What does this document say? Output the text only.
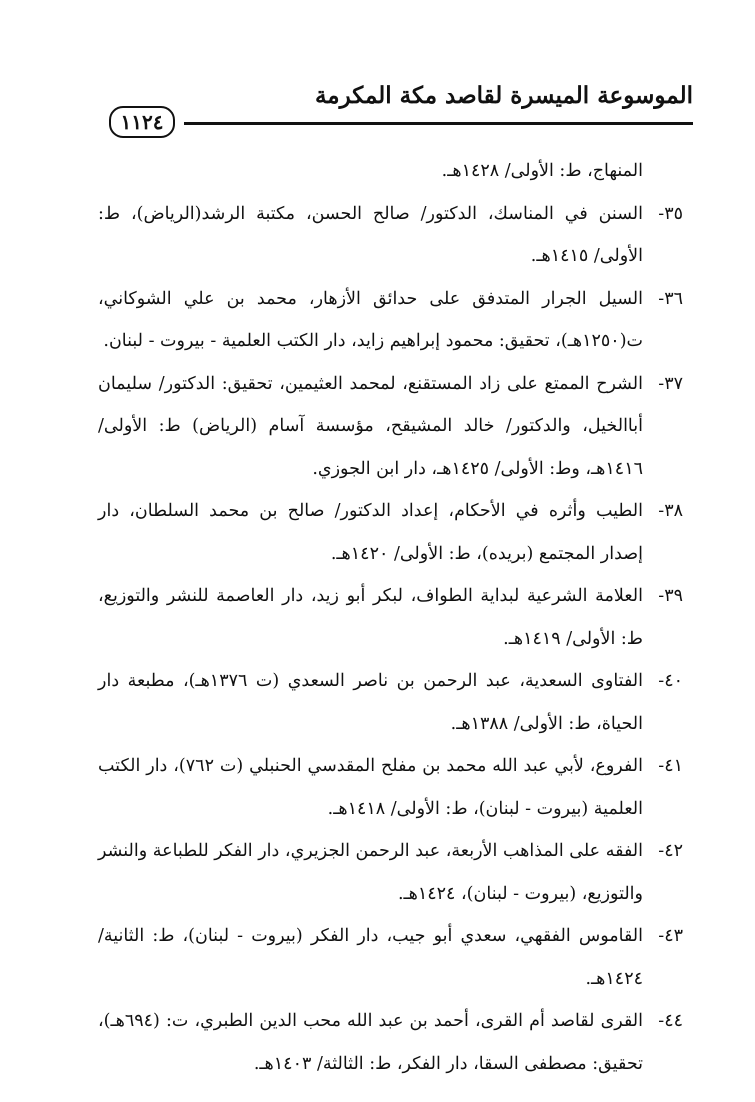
الموسوعة الميسرة لقاصد مكة المكرمة
١١٢٤
المنهاج، ط: الأولى/ ١٤٢٨هـ.
٣٥-
السنن في المناسك، الدكتور/ صالح الحسن، مكتبة الرشد(الرياض)، ط: الأولى/ ١٤١٥هـ.
٣٦-
السيل الجرار المتدفق على حدائق الأزهار، محمد بن علي الشوكاني، ت(١٢٥٠هـ)، تحقيق: محمود إبراهيم زايد، دار الكتب العلمية - بيروت - لبنان.
٣٧-
الشرح الممتع على زاد المستقنع، لمحمد العثيمين، تحقيق: الدكتور/ سليمان أباالخيل، والدكتور/ خالد المشيقح، مؤسسة آسام (الرياض) ط: الأولى/ ١٤١٦هـ، وط: الأولى/ ١٤٢٥هـ، دار ابن الجوزي.
٣٨-
الطيب وأثره في الأحكام، إعداد الدكتور/ صالح بن محمد السلطان، دار إصدار المجتمع (بريده)، ط: الأولى/ ١٤٢٠هـ.
٣٩-
العلامة الشرعية لبداية الطواف، لبكر أبو زيد، دار العاصمة للنشر والتوزيع، ط: الأولى/ ١٤١٩هـ.
٤٠-
الفتاوى السعدية، عبد الرحمن بن ناصر السعدي (ت ١٣٧٦هـ)، مطبعة دار الحياة، ط: الأولى/ ١٣٨٨هـ.
٤١-
الفروع، لأبي عبد الله محمد بن مفلح المقدسي الحنبلي (ت ٧٦٢)، دار الكتب العلمية (بيروت - لبنان)، ط: الأولى/ ١٤١٨هـ.
٤٢-
الفقه على المذاهب الأربعة، عبد الرحمن الجزيري، دار الفكر للطباعة والنشر والتوزيع، (بيروت - لبنان)، ١٤٢٤هـ.
٤٣-
القاموس الفقهي، سعدي أبو جيب، دار الفكر (بيروت - لبنان)، ط: الثانية/ ١٤٢٤هـ.
٤٤-
القرى لقاصد أم القرى، أحمد بن عبد الله محب الدين الطبري، ت: (٦٩٤هـ)، تحقيق: مصطفى السقا، دار الفكر، ط: الثالثة/ ١٤٠٣هـ.
